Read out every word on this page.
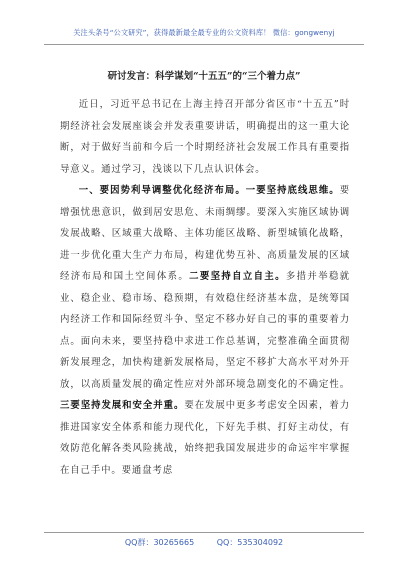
关注头条号“公文研究”，获得最新最全最专业的公文资料库！ 微信：gongwenyj
研讨发言：科学谋划“十五五”的“三个着力点”

近日，习近平总书记在上海主持召开部分省区市“十五五”时期经济社会发展座谈会并发表重要讲话，明确提出的这一重大论断，对于做好当前和今后一个时期经济社会发展工作具有重要指导意义。通过学习，浅谈以下几点认识体会。

一、要因势利导调整优化经济布局。一要坚持底线思维。要增强忧患意识，做到居安思危、未雨绸缪。要深入实施区域协调发展战略、区域重大战略、主体功能区战略、新型城镇化战略，进一步优化重大生产力布局，构建优势互补、高质量发展的区域经济布局和国土空间体系。二要坚持自立自主。多措并举稳就业、稳企业、稳市场、稳预期，有效稳住经济基本盘，是统筹国内经济工作和国际经贸斗争、坚定不移办好自己的事的重要着力点。面向未来，要坚持稳中求进工作总基调，完整准确全面贯彻新发展理念，加快构建新发展格局，坚定不移扩大高水平对外开放，以高质量发展的确定性应对外部环境急剧变化的不确定性。三要坚持发展和安全并重。要在发展中更多考虑安全因素，着力推进国家安全体系和能力现代化，下好先手棋、打好主动仗，有效防范化解各类风险挑战，始终把我国发展进步的命运牢牢掌握在自己手中。要通盘考虑

QQ群：30265665	QQ：535304092
